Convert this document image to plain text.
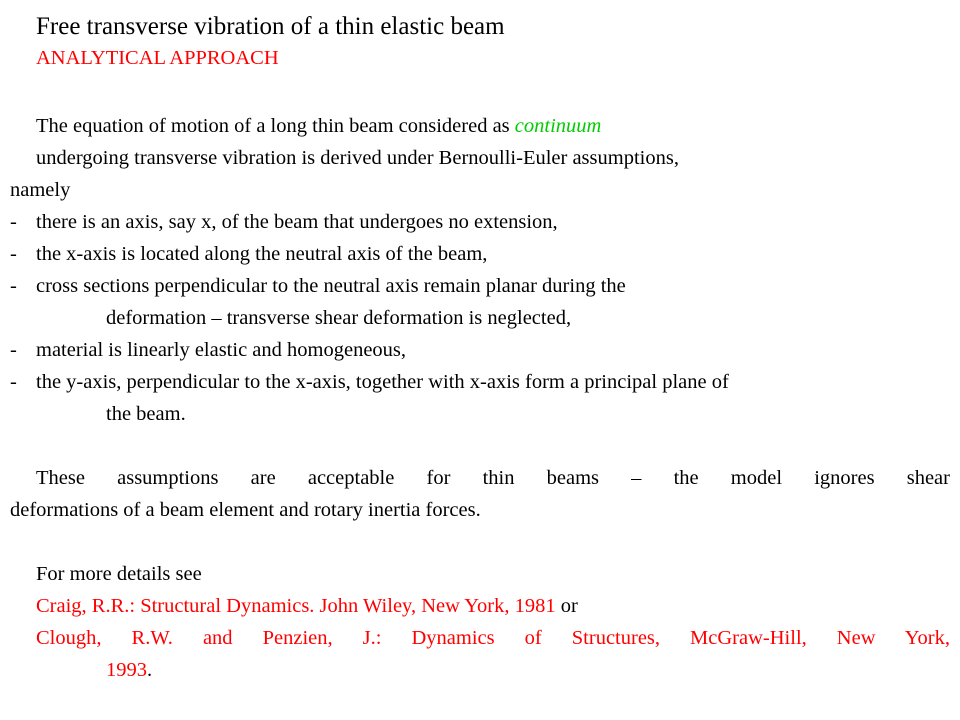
Free transverse vibration of a thin elastic beam
ANALYTICAL APPROACH
The equation of motion of a long thin beam considered as continuum
undergoing transverse vibration is derived under Bernoulli-Euler assumptions,
namely
- there is an axis, say x, of the beam that undergoes no extension,
- the x-axis is located along the neutral axis of the beam,
- cross sections perpendicular to the neutral axis remain planar during the
deformation – transverse shear deformation is neglected,
- material is linearly elastic and homogeneous,
- the y-axis, perpendicular to the x-axis, together with x-axis form a principal plane of
the beam.
These assumptions are acceptable for thin beams – the model ignores shear
deformations of a beam element and rotary inertia forces.
For more details see
Craig, R.R.: Structural Dynamics. John Wiley, New York, 1981 or
Clough, R.W. and Penzien, J.: Dynamics of Structures, McGraw-Hill, New York,
1993.
